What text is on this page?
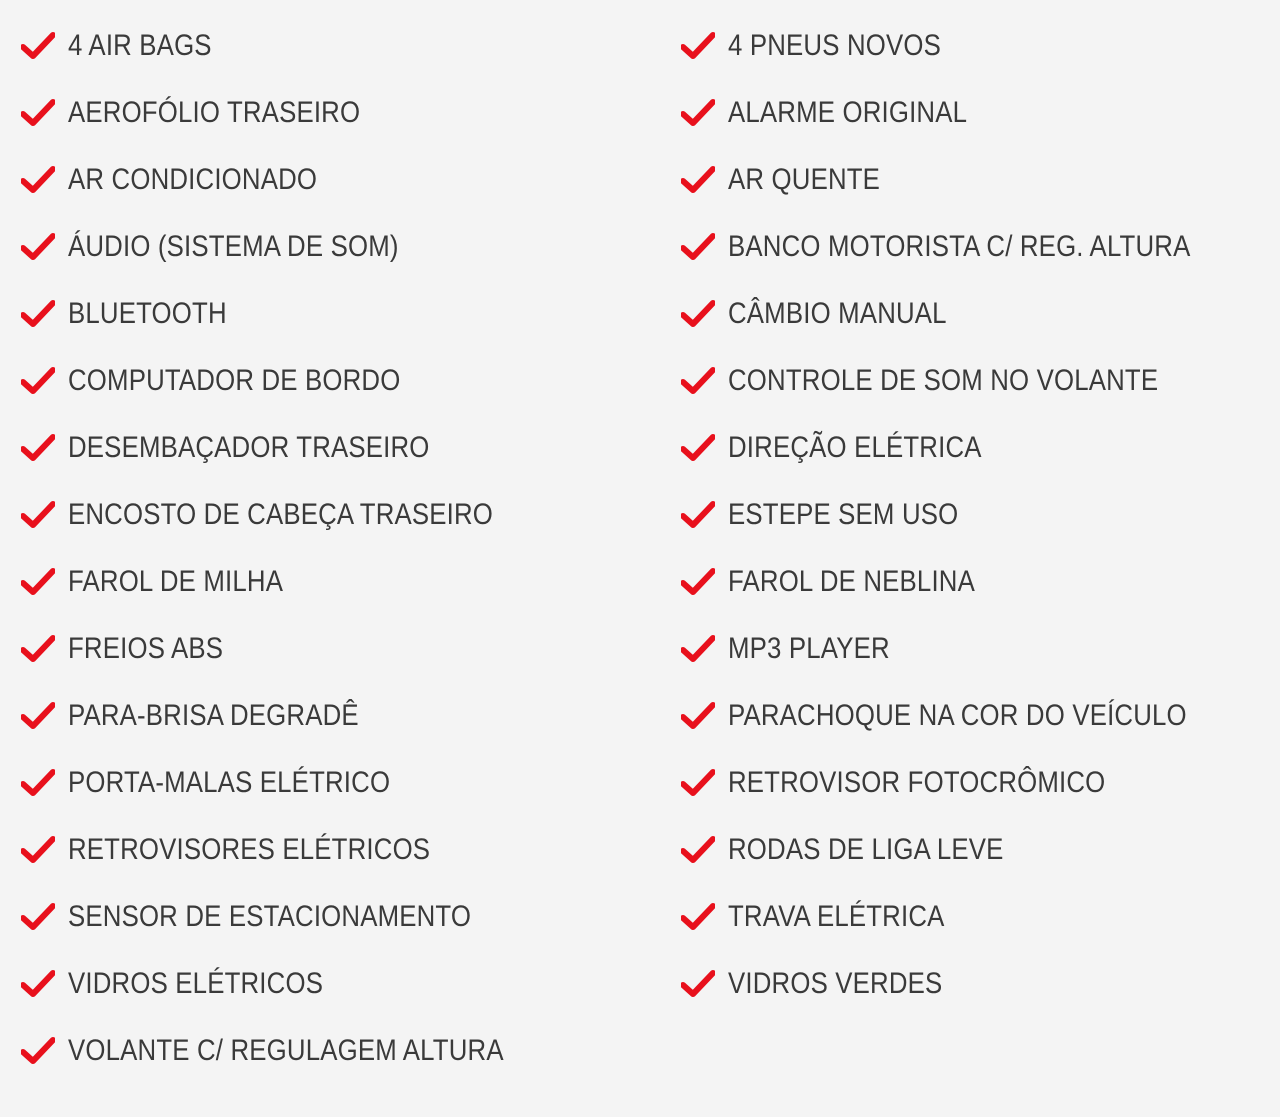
4 AIR BAGS
AEROFÓLIO TRASEIRO
AR CONDICIONADO
ÁUDIO (SISTEMA DE SOM)
BLUETOOTH
COMPUTADOR DE BORDO
DESEMBAÇADOR TRASEIRO
ENCOSTO DE CABEÇA TRASEIRO
FAROL DE MILHA
FREIOS ABS
PARA-BRISA DEGRADÊ
PORTA-MALAS ELÉTRICO
RETROVISORES ELÉTRICOS
SENSOR DE ESTACIONAMENTO
VIDROS ELÉTRICOS
VOLANTE C/ REGULAGEM ALTURA
4 PNEUS NOVOS
ALARME ORIGINAL
AR QUENTE
BANCO MOTORISTA C/ REG. ALTURA
CÂMBIO MANUAL
CONTROLE DE SOM NO VOLANTE
DIREÇÃO ELÉTRICA
ESTEPE SEM USO
FAROL DE NEBLINA
MP3 PLAYER
PARACHOQUE NA COR DO VEÍCULO
RETROVISOR FOTOCRÔMICO
RODAS DE LIGA LEVE
TRAVA ELÉTRICA
VIDROS VERDES
